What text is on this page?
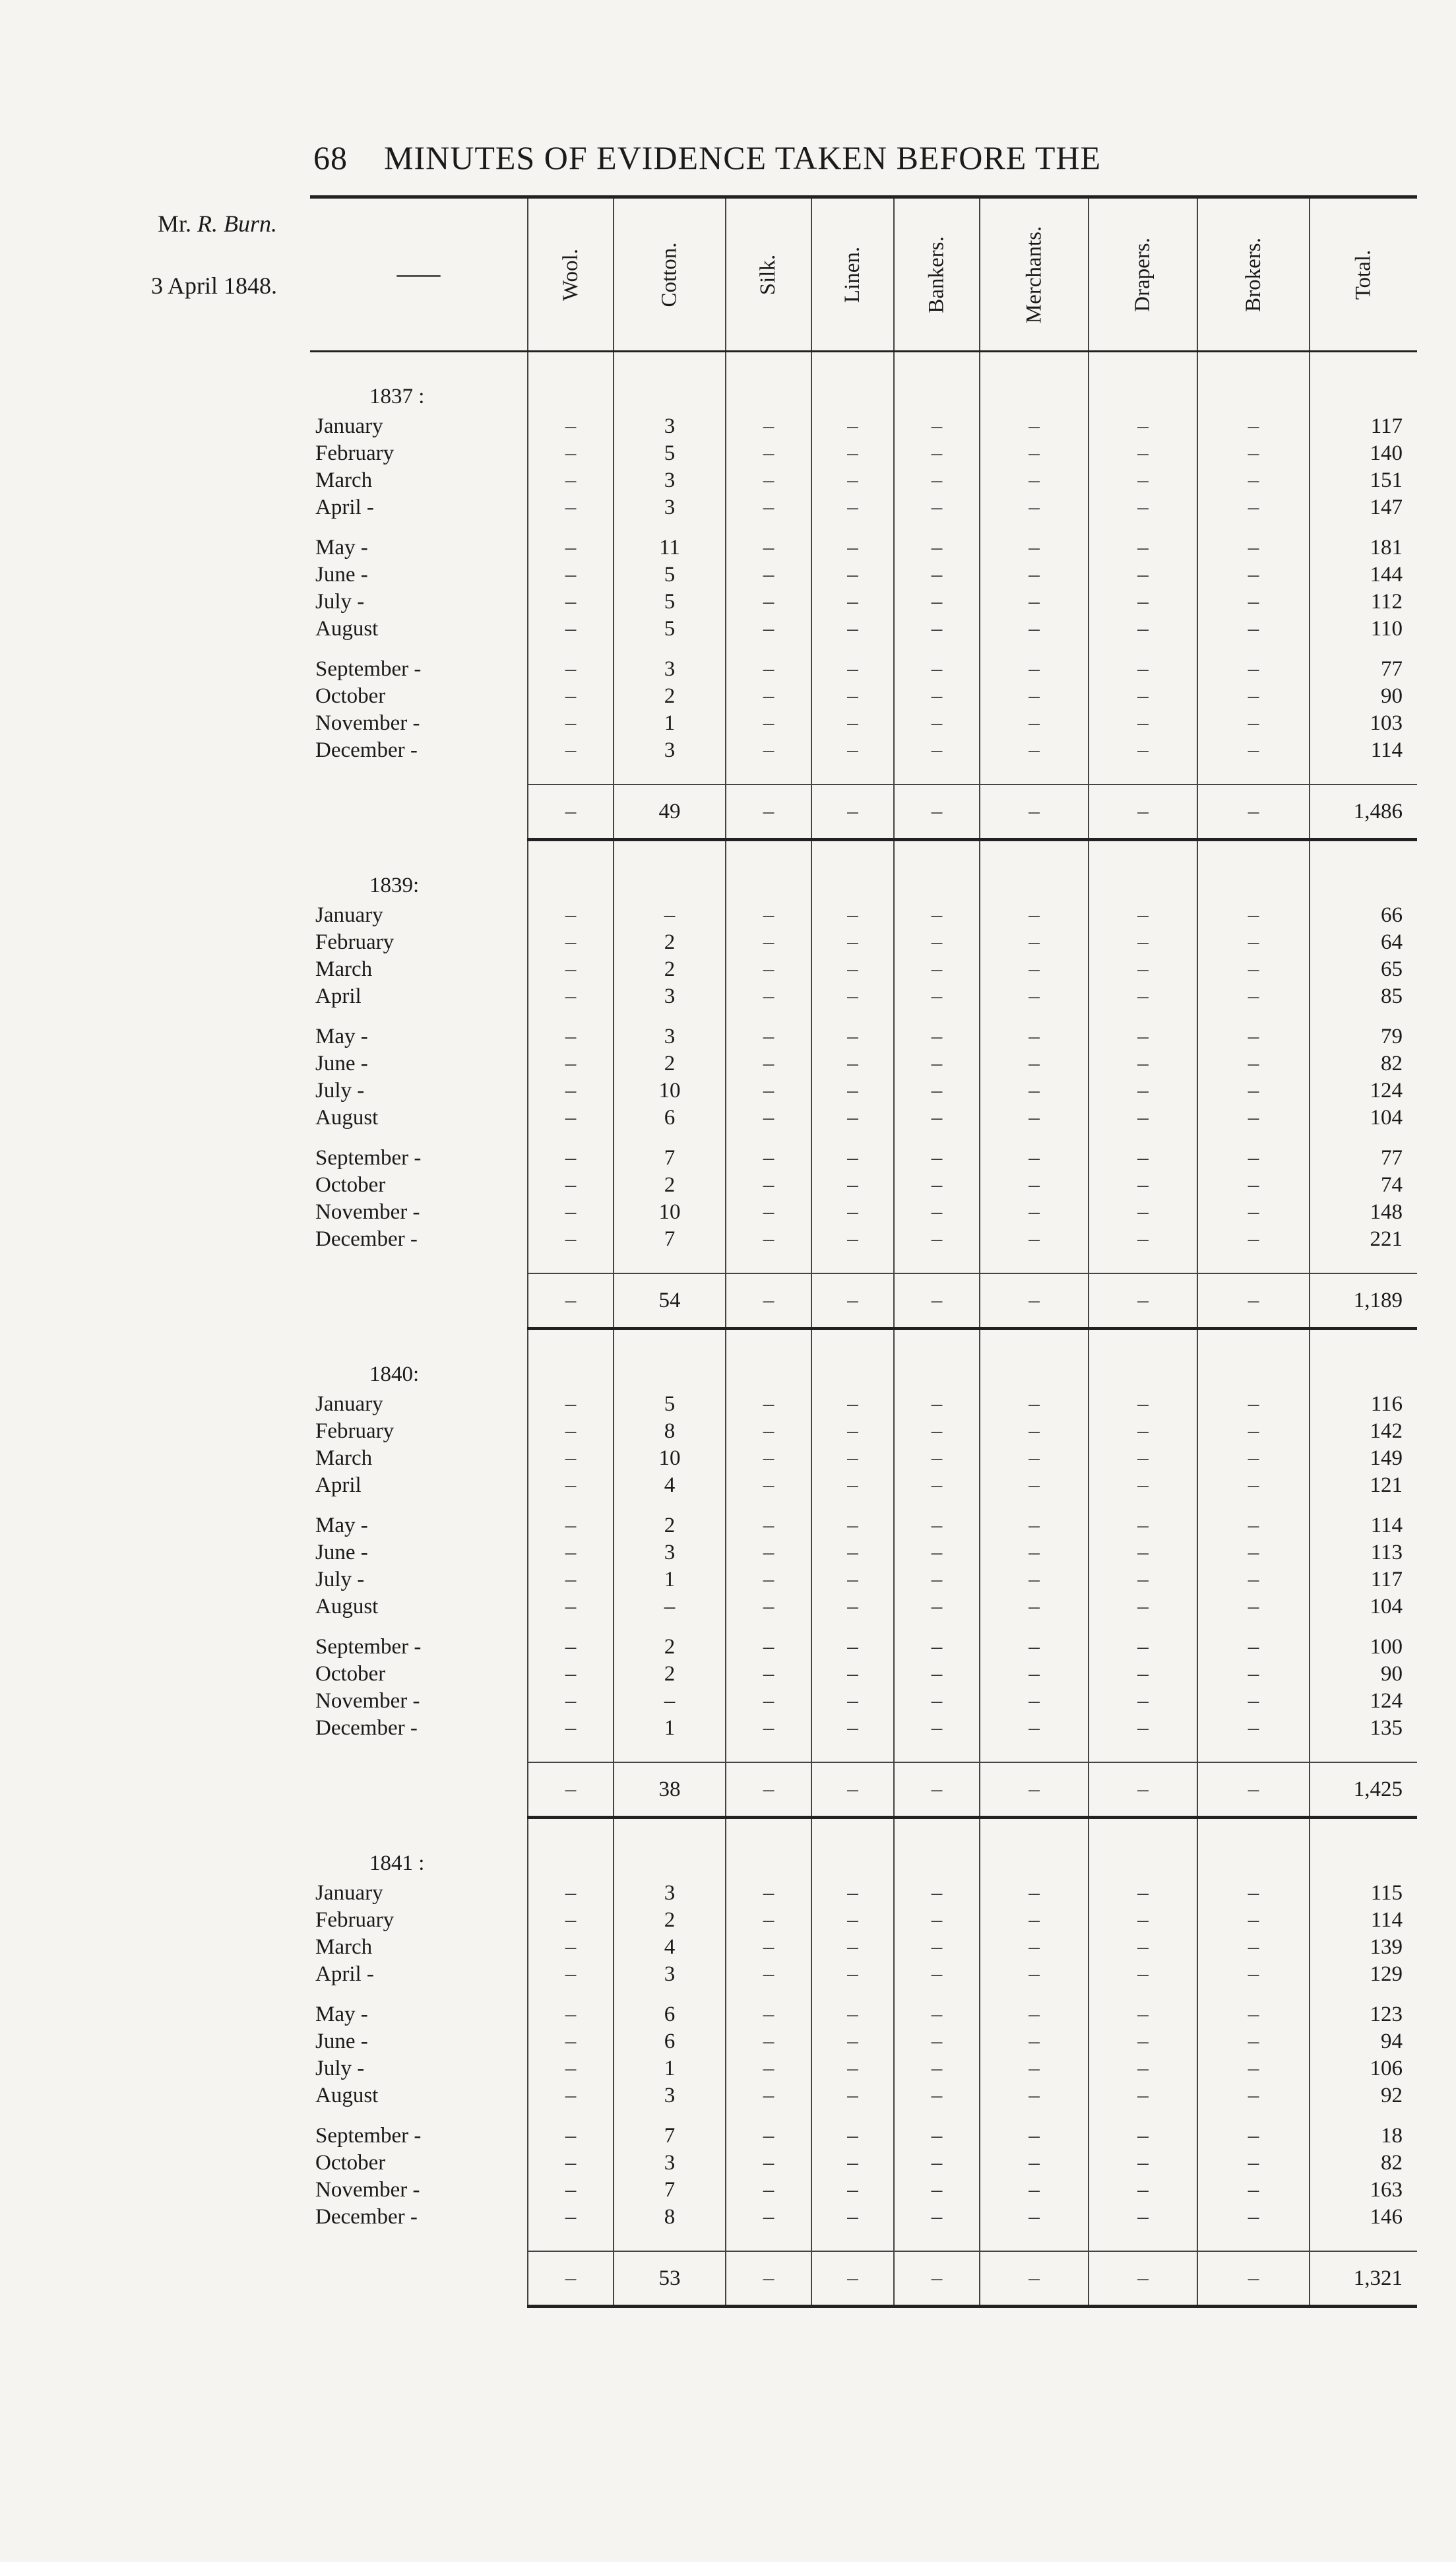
68 MINUTES OF EVIDENCE TAKEN BEFORE THE
Mr. R. Burn.
3 April 1848.	——	Wool.	Cotton.	Silk.	Linen.	Bankers.	Merchants.	Drapers.	Brokers.	Total.
1837 :									
January	–	3	–	–	–	–	–	–	117
February	–	5	–	–	–	–	–	–	140
March	–	3	–	–	–	–	–	–	151
April -	–	3	–	–	–	–	–	–	147

May -	–	11	–	–	–	–	–	–	181
June -	–	5	–	–	–	–	–	–	144
July -	–	5	–	–	–	–	–	–	112
August	–	5	–	–	–	–	–	–	110

September -	–	3	–	–	–	–	–	–	77
October	–	2	–	–	–	–	–	–	90
November -	–	1	–	–	–	–	–	–	103
December -	–	3	–	–	–	–	–	–	114

	–	49	–	–	–	–	–	–	1,486
1839:									
January	–	–	–	–	–	–	–	–	66
February	–	2	–	–	–	–	–	–	64
March	–	2	–	–	–	–	–	–	65
April	–	3	–	–	–	–	–	–	85

May -	–	3	–	–	–	–	–	–	79
June -	–	2	–	–	–	–	–	–	82
July -	–	10	–	–	–	–	–	–	124
August	–	6	–	–	–	–	–	–	104

September -	–	7	–	–	–	–	–	–	77
October	–	2	–	–	–	–	–	–	74
November -	–	10	–	–	–	–	–	–	148
December -	–	7	–	–	–	–	–	–	221

	–	54	–	–	–	–	–	–	1,189
1840:									
January	–	5	–	–	–	–	–	–	116
February	–	8	–	–	–	–	–	–	142
March	–	10	–	–	–	–	–	–	149
April	–	4	–	–	–	–	–	–	121

May -	–	2	–	–	–	–	–	–	114
June -	–	3	–	–	–	–	–	–	113
July -	–	1	–	–	–	–	–	–	117
August	–	–	–	–	–	–	–	–	104

September -	–	2	–	–	–	–	–	–	100
October	–	2	–	–	–	–	–	–	90
November -	–	–	–	–	–	–	–	–	124
December -	–	1	–	–	–	–	–	–	135

	–	38	–	–	–	–	–	–	1,425
1841 :									
January	–	3	–	–	–	–	–	–	115
February	–	2	–	–	–	–	–	–	114
March	–	4	–	–	–	–	–	–	139
April -	–	3	–	–	–	–	–	–	129

May -	–	6	–	–	–	–	–	–	123
June -	–	6	–	–	–	–	–	–	94
July -	–	1	–	–	–	–	–	–	106
August	–	3	–	–	–	–	–	–	92

September -	–	7	–	–	–	–	–	–	18
October	–	3	–	–	–	–	–	–	82
November -	–	7	–	–	–	–	–	–	163
December -	–	8	–	–	–	–	–	–	146

	–	53	–	–	–	–	–	–	1,321
